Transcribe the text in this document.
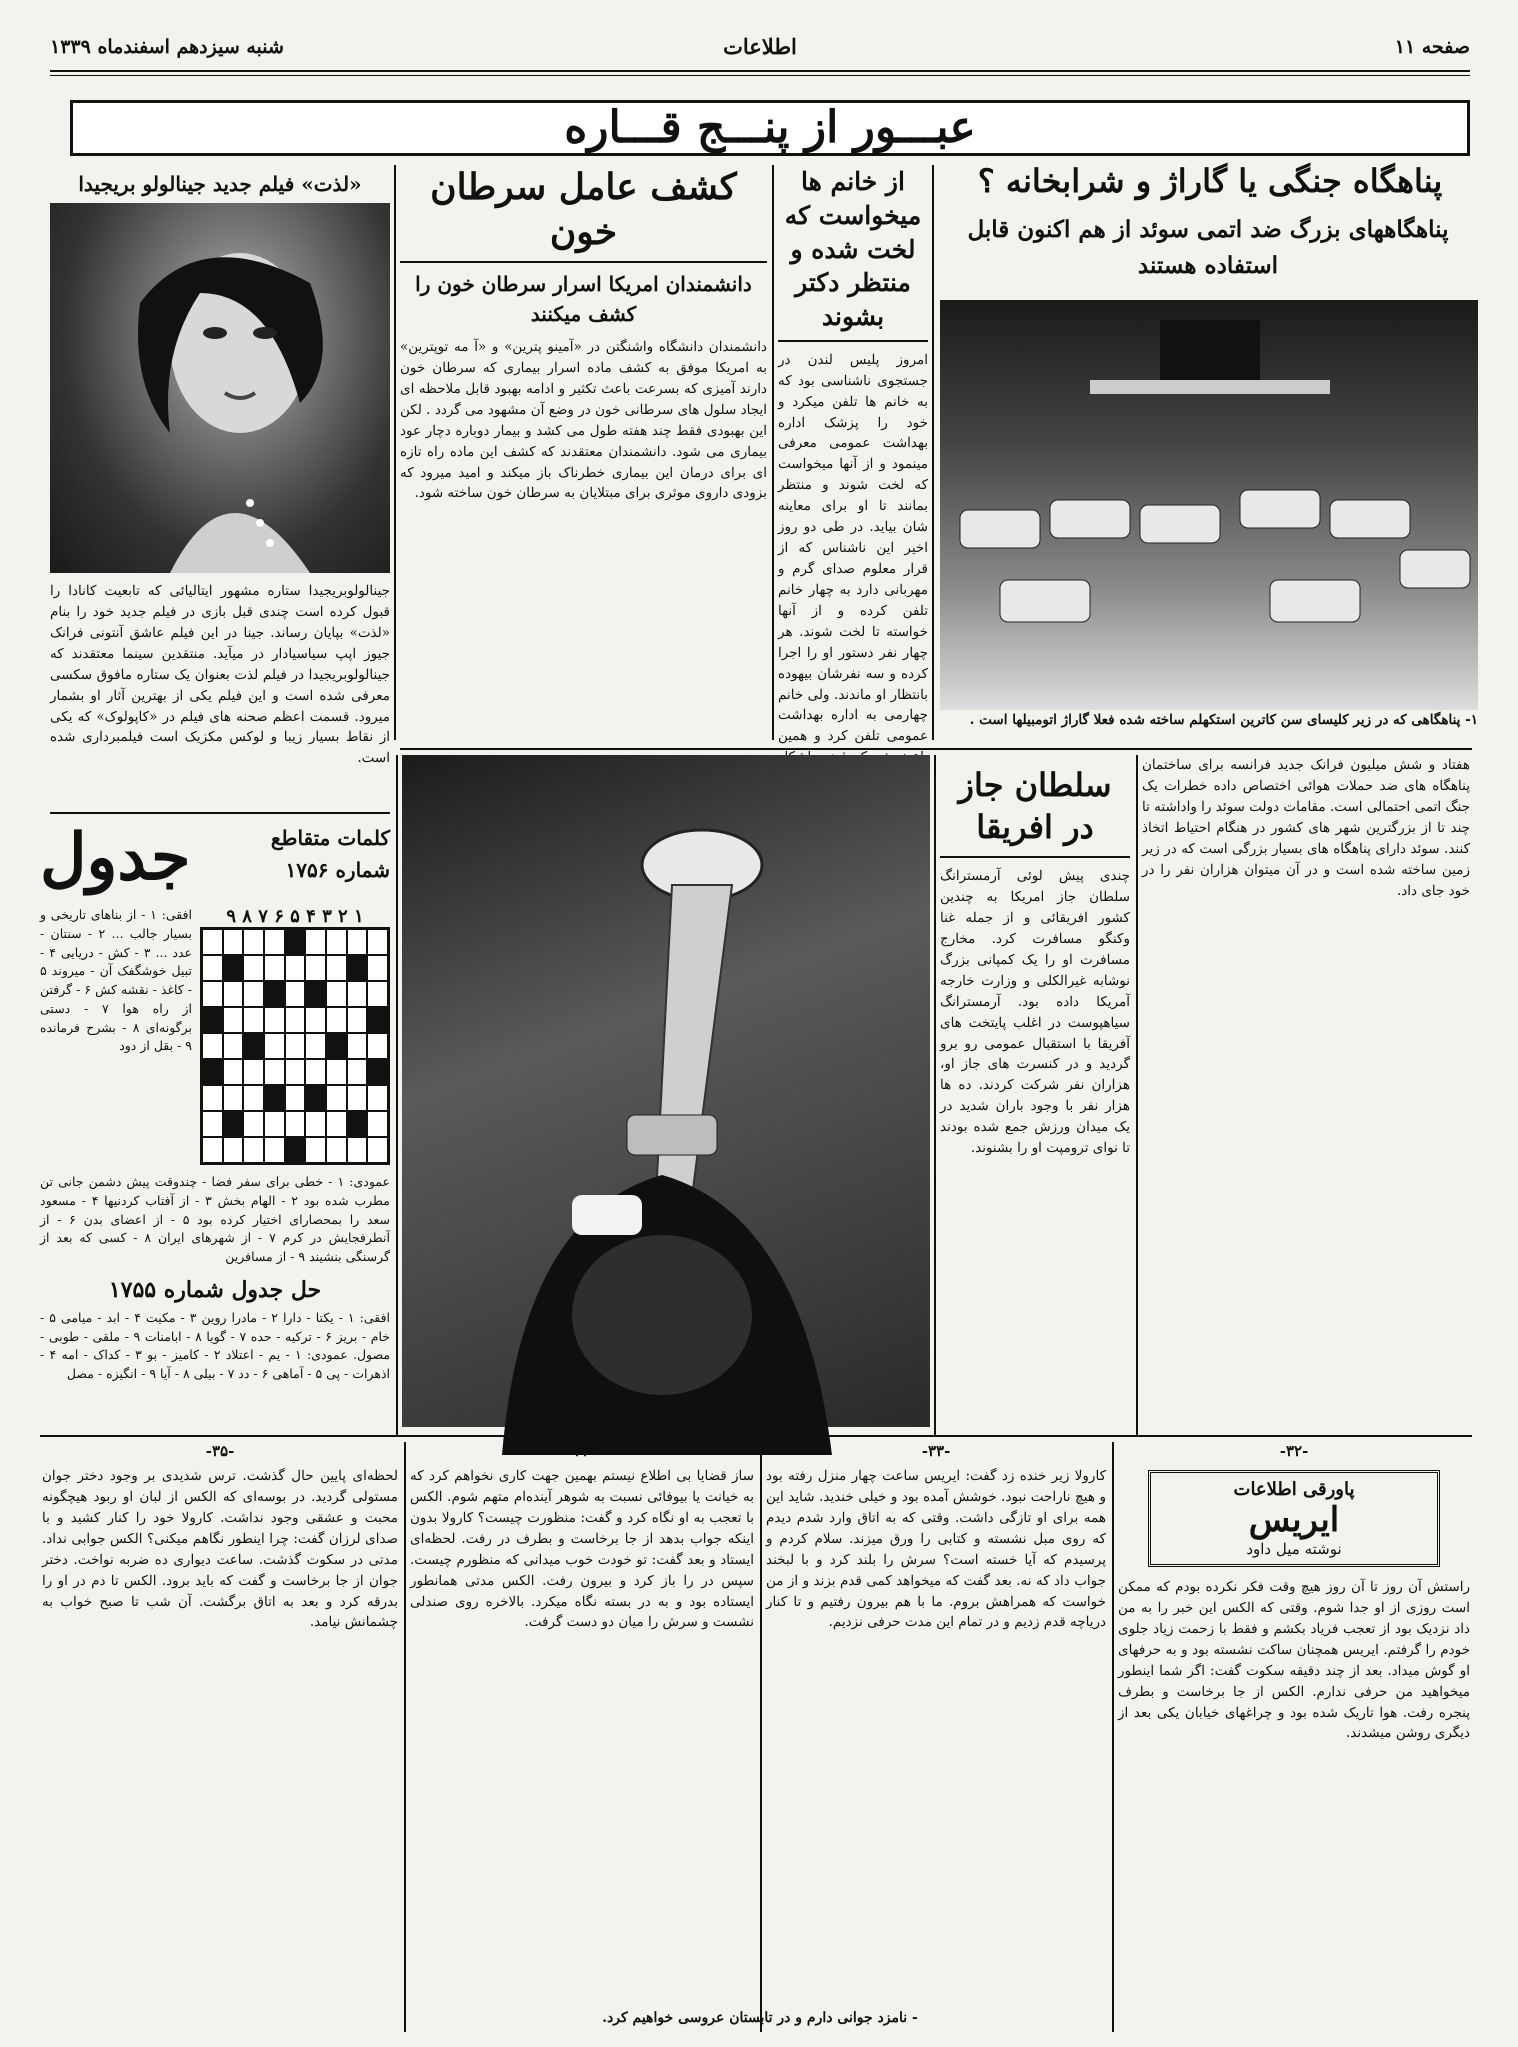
صفحه ۱۱
اطلاعات
شنبه سیزدهم اسفندماه ۱۳۳۹
عبـــور از پنـــج قـــاره
پناهگاه جنگی یا گاراژ و شرابخانه ؟
پناهگاههای بزرگ ضد اتمی سوئد از هم اکنون قابل استفاده هستند
۱- پناهگاهی که در زیر کلیسای سن کاترین استکهلم ساخته شده فعلا گاراژ اتومبیلها است .
از خانم ها میخواست که لخت شده و منتظر دکتر بشوند
امروز پلیس لندن در جستجوی ناشناسی بود که به خانم ها تلفن میکرد و خود را پزشک اداره بهداشت عمومی معرفی مینمود و از آنها میخواست که لخت شوند و منتظر بمانند تا او برای معاینه شان بیاید. در طی دو روز اخیر این ناشناس که از قرار معلوم صدای گرم و مهربانی دارد به چهار خانم تلفن کرده و از آنها خواسته تا لخت شوند. هر چهار نفر دستور او را اجرا کرده و سه نفرشان بیهوده بانتظار او ماندند. ولی خانم چهارمی به اداره بهداشت عمومی تلفن کرد و همین
کشف عامل سرطان خون
دانشمندان امریکا اسرار سرطان خون را کشف میکنند
دانشمندان دانشگاه واشنگتن در «آمینو پترین» و «آ مه توپترین» به امریکا موفق به کشف ماده اسرار بیماری که سرطان خون دارند آمیزی که بسرعت باعث تکثیر و ادامه بهبود قابل ملاحظه ای ایجاد سلول های سرطانی خون در وضع آن مشهود می گردد . لکن این بهبودی فقط چند هفته طول می کشد و بیمار دوباره دچار عود بیماری می شود. دانشمندان معتقدند که کشف این ماده راه تازه ای برای درمان این بیماری خطرناک باز میکند و امید میرود که بزودی داروی موثری برای مبتلایان به سرطان خون ساخته شود.
«لذت» فیلم جدید جینالولو بریجیدا
جینالولوبریجیدا ستاره مشهور ایتالیائی که تابعیت کانادا را قبول کرده است چندی قبل بازی در فیلم جدید خود را بنام «لذت» بپایان رساند. جینا در این فیلم عاشق آنتونی فرانک جیوز اپپ سیاسیادار در میآید. منتقدین سینما معتقدند که جینالولوبریجیدا در فیلم لذت بعنوان یک ستاره مافوق سکسی معرفی شده است و این فیلم یکی از بهترین آثار او بشمار میرود. قسمت اعظم صحنه های فیلم در «کاپولوک» که یکی از نقاط بسیار زیبا و لوکس مکزیک است فیلمبرداری شده است.
جدول	کلمات متقاطع
شماره ۱۷۵۶
۱ ۲ ۳ ۴ ۵ ۶ ۷ ۸ ۹
افقی: ۱ - از بناهای تاریخی و بسیار جالب ... ۲ - سنتان - عدد ... ۳ - کش - دریایی ۴ - تبیل خوشگفک آن - میروند ۵ - کاغذ - نقشه کش ۶ - گرفتن از راه هوا ۷ - دستی برگونه‌ای ۸ - بشرح فرمانده ۹ - بقل از دود
عمودی: ۱ - خطی برای سفر فضا - چندوقت پیش دشمن جانی تن مطرب شده بود ۲ - الهام بخش ۳ - از آفتاب کردنیها ۴ - مسعود سعد را بمحصارای اختیار کرده بود ۵ - از اعضای بدن ۶ - از آنطرفجایش در کرم ۷ - از شهرهای ایران ۸ - کسی که بعد از گرسنگی بنشیند ۹ - از مسافرین
حل جدول شماره ۱۷۵۵
افقی: ۱ - یکتا - دارا ۲ - مادرا روین ۳ - مکیت ۴ - ابد - میامی ۵ - خام - بریز ۶ - ترکیه - حده ۷ - گویا ۸ - ابامنات ۹ - ملقی - طوبی - مصول. عمودی: ۱ - یم - اعتلاد ۲ - کامیز - بو ۳ - کداک - امه ۴ - اذهرات - پی ۵ - آماهی ۶ - دد ۷ - بیلی ۸ - آیا ۹ - انگیزه - مصل
سلطان جاز در افریقا
چندی پیش لوئی آرمسترانگ سلطان جاز امریکا به چندین کشور افریقائی و از جمله غنا وکنگو مسافرت کرد. مخارج مسافرت او را یک کمپانی بزرگ نوشابه غیرالکلی و وزارت خارجه آمریکا داده بود. آرمسترانگ سیاهپوست در اغلب پایتخت های آفریقا با استقبال عمومی رو برو گردید و در کنسرت های جاز او، هزاران نفر شرکت کردند. ده ها هزار نفر با وجود باران شدید در یک میدان ورزش جمع شده بودند تا نوای ترومپت او را بشنوند.
هفتاد و شش میلیون فرانک جدید فرانسه برای ساختمان پناهگاه های ضد حملات هوائی اختصاص داده خطرات یک جنگ اتمی احتمالی است. مقامات دولت سوئد را واداشته تا چند تا از بزرگترین شهر های کشور در هنگام احتیاط اتخاذ کنند. سوئد دارای پناهگاه های بسیار بزرگی است که در زیر زمین ساخته شده است و در آن میتوان هزاران نفر را در خود جای داد.
-۳۲-
پاورقی اطلاعات
ایریس
نوشته میل داود
راستش آن روز تا آن روز هیچ وقت فکر نکرده بودم که ممکن است روزی از او جدا شوم. وقتی که الکس این خبر را به من داد نزدیک بود از تعجب فریاد بکشم و فقط با زحمت زیاد جلوی خودم را گرفتم. ایریس همچنان ساکت نشسته بود و به حرفهای او گوش میداد. بعد از چند دقیقه سکوت گفت: اگر شما اینطور میخواهید من حرفی ندارم. الکس از جا برخاست و بطرف پنجره رفت. هوا تاریک شده بود و چراغهای خیابان یکی بعد از دیگری روشن میشدند.
-۳۳-
کارولا زیر خنده زد گفت: ایریس ساعت چهار منزل رفته بود و هیچ ناراحت نبود. خوشش آمده بود و خیلی خندید. شاید این همه برای او تازگی داشت. وقتی که به اتاق وارد شدم دیدم که روی مبل نشسته و کتابی را ورق میزند. سلام کردم و پرسیدم که آیا خسته است؟ سرش را بلند کرد و با لبخند جواب داد که نه. بعد گفت که میخواهد کمی قدم بزند و از من خواست که همراهش بروم. ما با هم بیرون رفتیم و تا کنار دریاچه قدم زدیم و در تمام این مدت حرفی نزدیم.
-۳۴-
ساز قضایا بی اطلاع نیستم بهمین جهت کاری نخواهم کرد که به خیانت یا بیوفائی نسبت به شوهر آینده‌ام متهم شوم. الکس با تعجب به او نگاه کرد و گفت: منظورت چیست؟ کارولا بدون اینکه جواب بدهد از جا برخاست و بطرف در رفت. لحظه‌ای ایستاد و بعد گفت: تو خودت خوب میدانی که منظورم چیست. سپس در را باز کرد و بیرون رفت. الکس مدتی همانطور ایستاده بود و به در بسته نگاه میکرد. بالاخره روی صندلی نشست و سرش را میان دو دست گرفت.
-۳۵-
لحظه‌ای پایین حال گذشت. ترس شدیدی بر وجود دختر جوان مستولی گردید. در بوسه‌ای که الکس از لبان او ربود هیچگونه محبت و عشقی وجود نداشت. کارولا خود را کنار کشید و با صدای لرزان گفت: چرا اینطور نگاهم میکنی؟ الکس جوابی نداد. مدتی در سکوت گذشت. ساعت دیواری ده ضربه نواخت. دختر جوان از جا برخاست و گفت که باید برود. الکس تا دم در او را بدرقه کرد و بعد به اتاق برگشت. آن شب تا صبح خواب به چشمانش نیامد.
- نامزد جوانی دارم و در تابستان عروسی خواهیم کرد.
